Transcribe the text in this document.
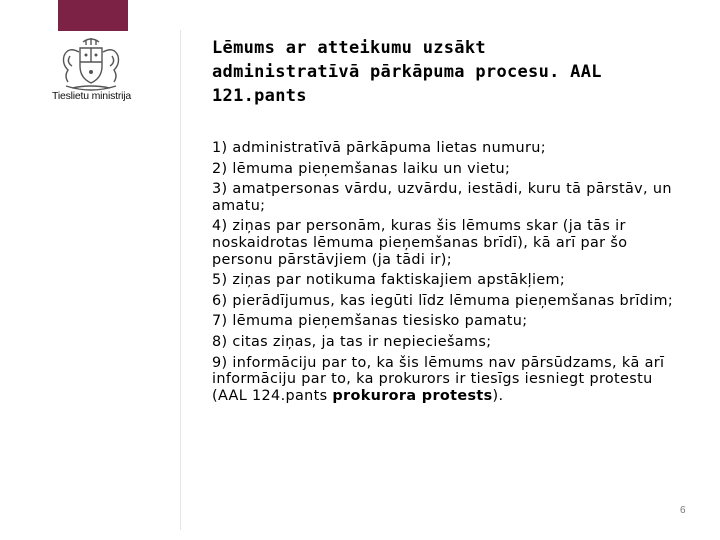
Tieslietu ministrija
Lēmums ar atteikumu uzsākt
administratīvā pārkāpuma procesu. AAL
121.pants
1) administratīvā pārkāpuma lietas numuru;
2) lēmuma pieņemšanas laiku un vietu;
3) amatpersonas vārdu, uzvārdu, iestādi, kuru tā pārstāv, un amatu;
4) ziņas par personām, kuras šis lēmums skar (ja tās ir noskaidrotas lēmuma pieņemšanas brīdī), kā arī par šo personu pārstāvjiem (ja tādi ir);
5) ziņas par notikuma faktiskajiem apstākļiem;
6) pierādījumus, kas iegūti līdz lēmuma pieņemšanas brīdim;
7) lēmuma pieņemšanas tiesisko pamatu;
8) citas ziņas, ja tas ir nepieciešams;
9) informāciju par to, ka šis lēmums nav pārsūdzams, kā arī informāciju par to, ka prokurors ir tiesīgs iesniegt protestu (AAL 124.pants prokurora protests).
6
